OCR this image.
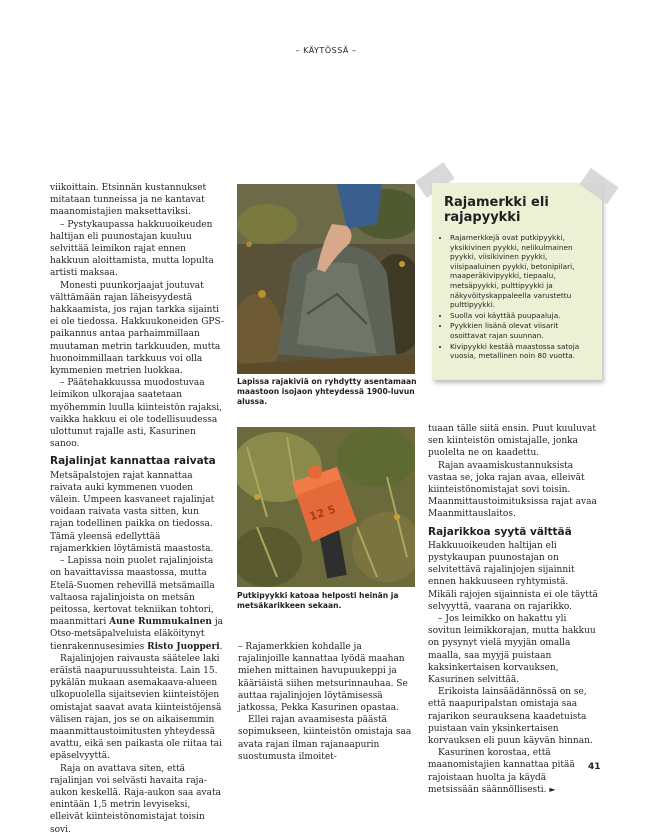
– KÄYTÖSSÄ –

viikoittain. Etsinnän kustannukset mitataan tunneissa ja ne kantavat maanomistajien maksettaviksi.

– Pystykaupassa hakkuuoikeuden haltijan eli puunostajan kuuluu selvittää leimikon rajat ennen hakkuun aloittamista, mutta lopulta artisti maksaa.

Monesti puunkorjaajat joutuvat välttämään rajan läheisyydestä hakkaamista, jos rajan tarkka sijainti ei ole tiedossa. Hakkuukoneiden GPS-paikannus antaa parhaimmillaan muutaman metrin tarkkuuden, mutta huonoimmillaan tarkkuus voi olla kymmenien metrien luokkaa.

– Päätehakkuussa muodostuvaa leimikon ulkorajaa saatetaan myöhemmin luulla kiinteistön rajaksi, vaikka hakkuu ei ole todellisuudessa ulottunut rajalle asti, Kasurinen sanoo.

Rajalinjat kannattaa raivata

Metsäpalstojen rajat kannattaa raivata auki kymmenen vuoden välein. Umpeen kasvaneet rajalinjat voidaan raivata vasta sitten, kun rajan todellinen paikka on tiedossa. Tämä yleensä edellyttää rajamerkkien löytämistä maastosta.

– Lapissa noin puolet rajalinjoista on havaittavissa maastossa, mutta Etelä-Suomen rehevillä metsämailla valtaosa rajalinjoista on metsän peitossa, kertovat tekniikan tohtori, maanmittari Aune Rummukainen ja Otso-metsäpalveluista eläköitynyt tienrakennusesimies Risto Juopperi.

Rajalinjojen raivausta säätelee laki eräistä naapuruussuhteista. Lain 15. pykälän mukaan asemakaava-alueen ulkopuolella sijaitsevien kiinteistöjen omistajat saavat avata kiinteistöjensä välisen rajan, jos se on aikaisemmin maanmittaustoimitusten yhteydessä avattu, eikä sen paikasta ole riitaa tai epäselvyyttä.

Raja on avattava siten, että rajalinjan voi selvästi havaita raja-aukon keskellä. Raja-aukon saa avata enintään 1,5 metrin levyiseksi, elleivät kiinteistönomistajat toisin sovi.

Lapissa rajakiviä on ryhdytty asentamaan maastoon isojaon yhteydessä 1900-luvun alussa.
Rajamerkki eli rajapyykki
• Rajamerkkejä ovat putkipyykki, yksikivinen pyykki, nelikulmainen pyykki, viisikivinen pyykki, viisipaaluinen pyykki, betonipilari, maaperäkivipyykki, tiepaalu, metsäpyykki, pulttipyykki ja näkyvöityskappaleella varustettu pulttipyykki.
• Suolla voi käyttää puupaaluja.
• Pyykkien lisänä olevat viisarit osoittavat rajan suunnan.
• Kivipyykki kestää maastossa satoja vuosia, metallinen noin 80 vuotta.
12 5
Putkipyykki katoaa helposti heinän ja metsäkarikkeen sekaan.

– Rajamerkkien kohdalle ja rajalinjoille kannattaa lyödä maahan miehen mittainen havupuukeppi ja kääriäistä siihen metsurinnauhaa. Se auttaa rajalinjojen löytämisessä jatkossa, Pekka Kasurinen opastaa.

Ellei rajan avaamisesta päästä sopimukseen, kiinteistön omistaja saa avata rajan ilman rajanaapurin suostumusta ilmoitet-

tuaan tälle siitä ensin. Puut kuuluvat sen kiinteistön omistajalle, jonka puolelta ne on kaadettu.

Rajan avaamiskustannuksista vastaa se, joka rajan avaa, elleivät kiinteistönomistajat sovi toisin. Maanmittaustoimituksissa rajat avaa Maanmittauslaitos.

Rajarikkoa syytä välttää

Hakkuuoikeuden haltijan eli pystykaupan puunostajan on selvitettävä rajalinjojen sijainnit ennen hakkuuseen ryhtymistä. Mikäli rajojen sijainnista ei ole täyttä selvyyttä, vaarana on rajarikko.

– Jos leimikko on hakattu yli sovitun leimikkorajan, mutta hakkuu on pysynyt vielä myyjän omalla maalla, saa myyjä puistaan kaksinkertaisen korvauksen, Kasurinen selvittää.

Erikoista lainsäädännössä on se, että naapuripalstan omistaja saa rajarikon seurauksena kaadetuista puistaan vain yksinkertaisen korvauksen eli puun käyvän hinnan.

Kasurinen korostaa, että maanomistajien kannattaa pitää rajoistaan huolta ja käydä metsissään säännöllisesti. ►

41
